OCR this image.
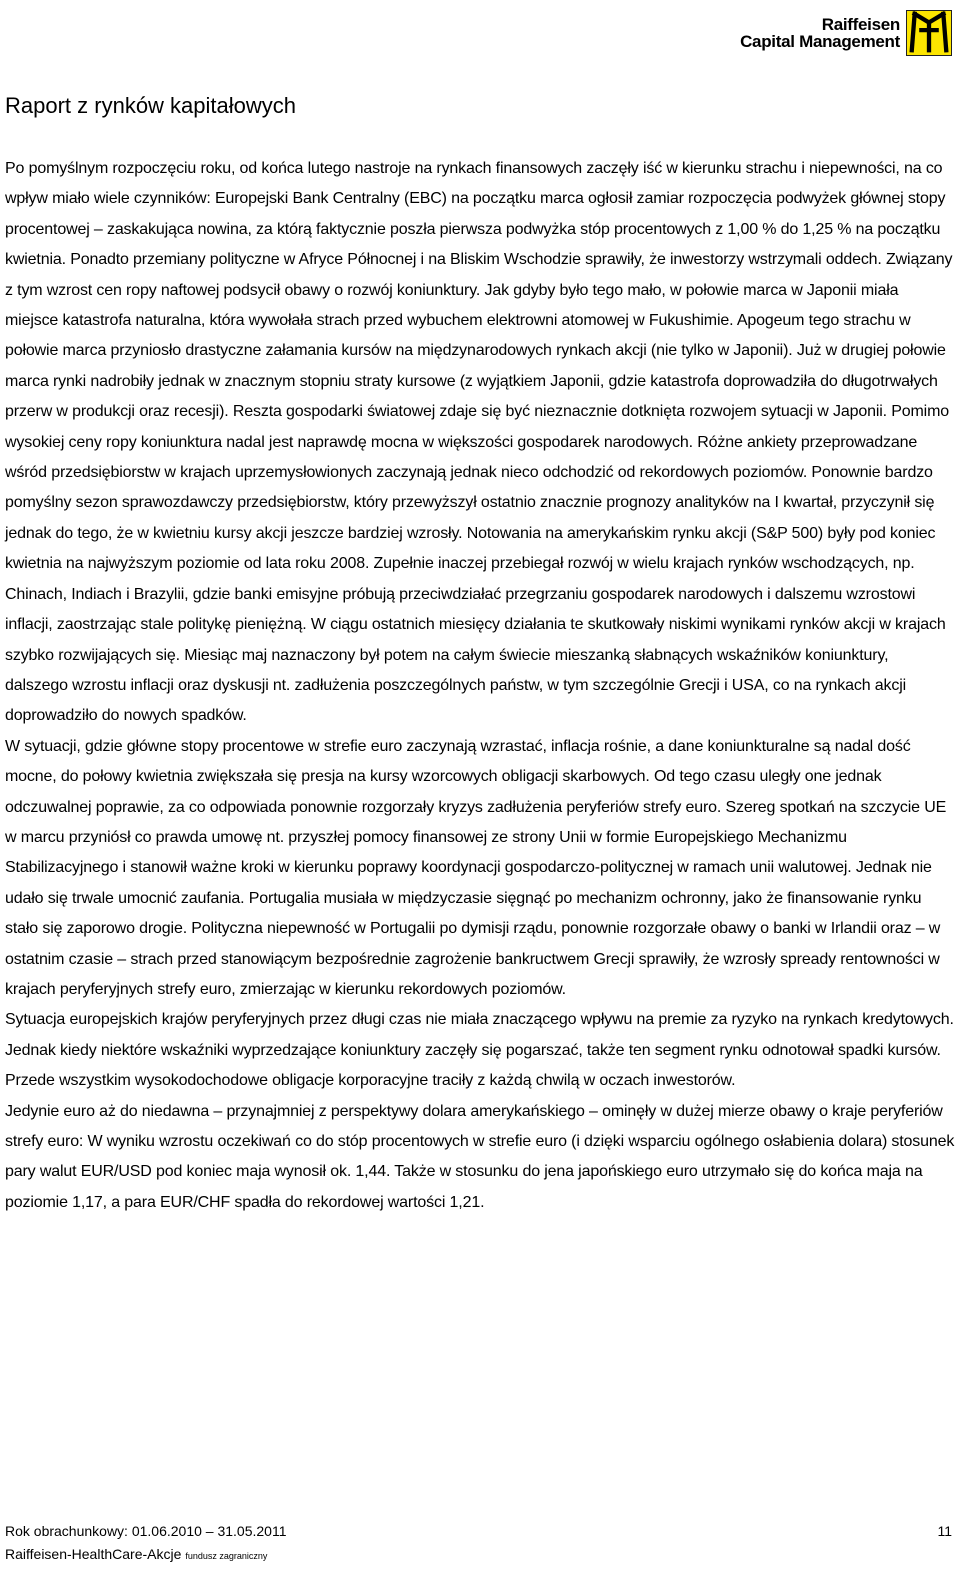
Raiffeisen
Capital Management
Raport z rynków kapitałowych

Po pomyślnym rozpoczęciu roku, od końca lutego nastroje na rynkach finansowych zaczęły iść w kierunku strachu i niepewności, na co wpływ miało wiele czynników: Europejski Bank Centralny (EBC) na początku marca ogłosił zamiar rozpoczęcia podwyżek głównej stopy procentowej – zaskakująca nowina, za którą faktycznie poszła pierwsza podwyżka stóp procentowych z 1,00 % do 1,25 % na początku kwietnia. Ponadto przemiany polityczne w Afryce Północnej i na Bliskim Wschodzie sprawiły, że inwestorzy wstrzymali oddech. Związany z tym wzrost cen ropy naftowej podsycił obawy o rozwój koniunktury. Jak gdyby było tego mało, w połowie marca w Japonii miała miejsce katastrofa naturalna, która wywołała strach przed wybuchem elektrowni atomowej w Fukushimie. Apogeum tego strachu w połowie marca przyniosło drastyczne załamania kursów na międzynarodowych rynkach akcji (nie tylko w Japonii). Już w drugiej połowie marca rynki nadrobiły jednak w znacznym stopniu straty kursowe (z wyjątkiem Japonii, gdzie katastrofa doprowadziła do długotrwałych przerw w produkcji oraz recesji). Reszta gospodarki światowej zdaje się być nieznacznie dotknięta rozwojem sytuacji w Japonii. Pomimo wysokiej ceny ropy koniunktura nadal jest naprawdę mocna w większości gospodarek narodowych. Różne ankiety przeprowadzane wśród przedsiębiorstw w krajach uprzemysłowionych zaczynają jednak nieco odchodzić od rekordowych poziomów. Ponownie bardzo pomyślny sezon sprawozdawczy przedsiębiorstw, który przewyższył ostatnio znacznie prognozy analityków na I kwartał, przyczynił się jednak do tego, że w kwietniu kursy akcji jeszcze bardziej wzrosły. Notowania na amerykańskim rynku akcji (S&P 500) były pod koniec kwietnia na najwyższym poziomie od lata roku 2008. Zupełnie inaczej przebiegał rozwój w wielu krajach rynków wschodzących, np. Chinach, Indiach i Brazylii, gdzie banki emisyjne próbują przeciwdziałać przegrzaniu gospodarek narodowych i dalszemu wzrostowi inflacji, zaostrzając stale politykę pieniężną. W ciągu ostatnich miesięcy działania te skutkowały niskimi wynikami rynków akcji w krajach szybko rozwijających się. Miesiąc maj naznaczony był potem na całym świecie mieszanką słabnących wskaźników koniunktury, dalszego wzrostu inflacji oraz dyskusji nt. zadłużenia poszczególnych państw, w tym szczególnie Grecji i USA, co na rynkach akcji doprowadziło do nowych spadków.

W sytuacji, gdzie główne stopy procentowe w strefie euro zaczynają wzrastać, inflacja rośnie, a dane koniunkturalne są nadal dość mocne, do połowy kwietnia zwiększała się presja na kursy wzorcowych obligacji skarbowych. Od tego czasu uległy one jednak odczuwalnej poprawie, za co odpowiada ponownie rozgorzały kryzys zadłużenia peryferiów strefy euro. Szereg spotkań na szczycie UE w marcu przyniósł co prawda umowę nt. przyszłej pomocy finansowej ze strony Unii w formie Europejskiego Mechanizmu Stabilizacyjnego i stanowił ważne kroki w kierunku poprawy koordynacji gospodarczo-politycznej w ramach unii walutowej. Jednak nie udało się trwale umocnić zaufania. Portugalia musiała w międzyczasie sięgnąć po mechanizm ochronny, jako że finansowanie rynku stało się zaporowo drogie. Polityczna niepewność w Portugalii po dymisji rządu, ponownie rozgorzałe obawy o banki w Irlandii oraz – w ostatnim czasie – strach przed stanowiącym bezpośrednie zagrożenie bankructwem Grecji sprawiły, że wzrosły spready rentowności w krajach peryferyjnych strefy euro, zmierzając w kierunku rekordowych poziomów.

Sytuacja europejskich krajów peryferyjnych przez długi czas nie miała znaczącego wpływu na premie za ryzyko na rynkach kredytowych. Jednak kiedy niektóre wskaźniki wyprzedzające koniunktury zaczęły się pogarszać, także ten segment rynku odnotował spadki kursów. Przede wszystkim wysokodochodowe obligacje korporacyjne traciły z każdą chwilą w oczach inwestorów.

Jedynie euro aż do niedawna – przynajmniej z perspektywy dolara amerykańskiego – ominęły w dużej mierze obawy o kraje peryferiów strefy euro: W wyniku wzrostu oczekiwań co do stóp procentowych w strefie euro (i dzięki wsparciu ogólnego osłabienia dolara) stosunek pary walut EUR/USD pod koniec maja wynosił ok. 1,44. Także w stosunku do jena japońskiego euro utrzymało się do końca maja na poziomie 1,17, a para EUR/CHF spadła do rekordowej wartości 1,21.

Rok obrachunkowy: 01.06.2010 – 31.05.2011	11
Raiffeisen-HealthCare-Akcje fundusz zagraniczny
